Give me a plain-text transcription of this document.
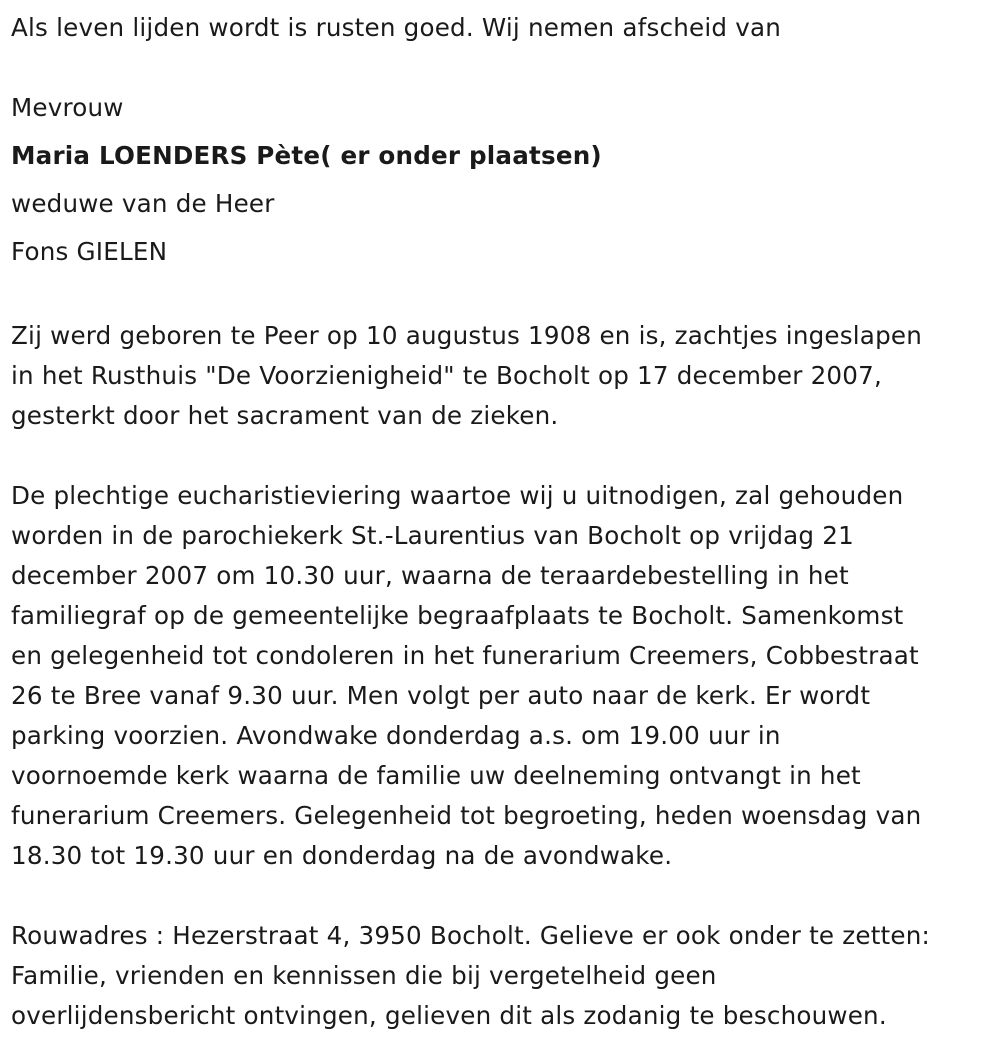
Als leven lijden wordt is rusten goed. Wij nemen afscheid van
Mevrouw
Maria LOENDERS Pète( er onder plaatsen)
weduwe van de Heer
Fons GIELEN
Zij werd geboren te Peer op 10 augustus 1908 en is, zachtjes ingeslapen
in het Rusthuis "De Voorzienigheid" te Bocholt op 17 december 2007,
gesterkt door het sacrament van de zieken.
De plechtige eucharistieviering waartoe wij u uitnodigen, zal gehouden
worden in de parochiekerk St.-Laurentius van Bocholt op vrijdag 21
december 2007 om 10.30 uur, waarna de teraardebestelling in het
familiegraf op de gemeentelijke begraafplaats te Bocholt. Samenkomst
en gelegenheid tot condoleren in het funerarium Creemers, Cobbestraat
26 te Bree vanaf 9.30 uur. Men volgt per auto naar de kerk. Er wordt
parking voorzien. Avondwake donderdag a.s. om 19.00 uur in
voornoemde kerk waarna de familie uw deelneming ontvangt in het
funerarium Creemers. Gelegenheid tot begroeting, heden woensdag van
18.30 tot 19.30 uur en donderdag na de avondwake.
Rouwadres : Hezerstraat 4, 3950 Bocholt. Gelieve er ook onder te zetten:
Familie, vrienden en kennissen die bij vergetelheid geen
overlijdensbericht ontvingen, gelieven dit als zodanig te beschouwen.
